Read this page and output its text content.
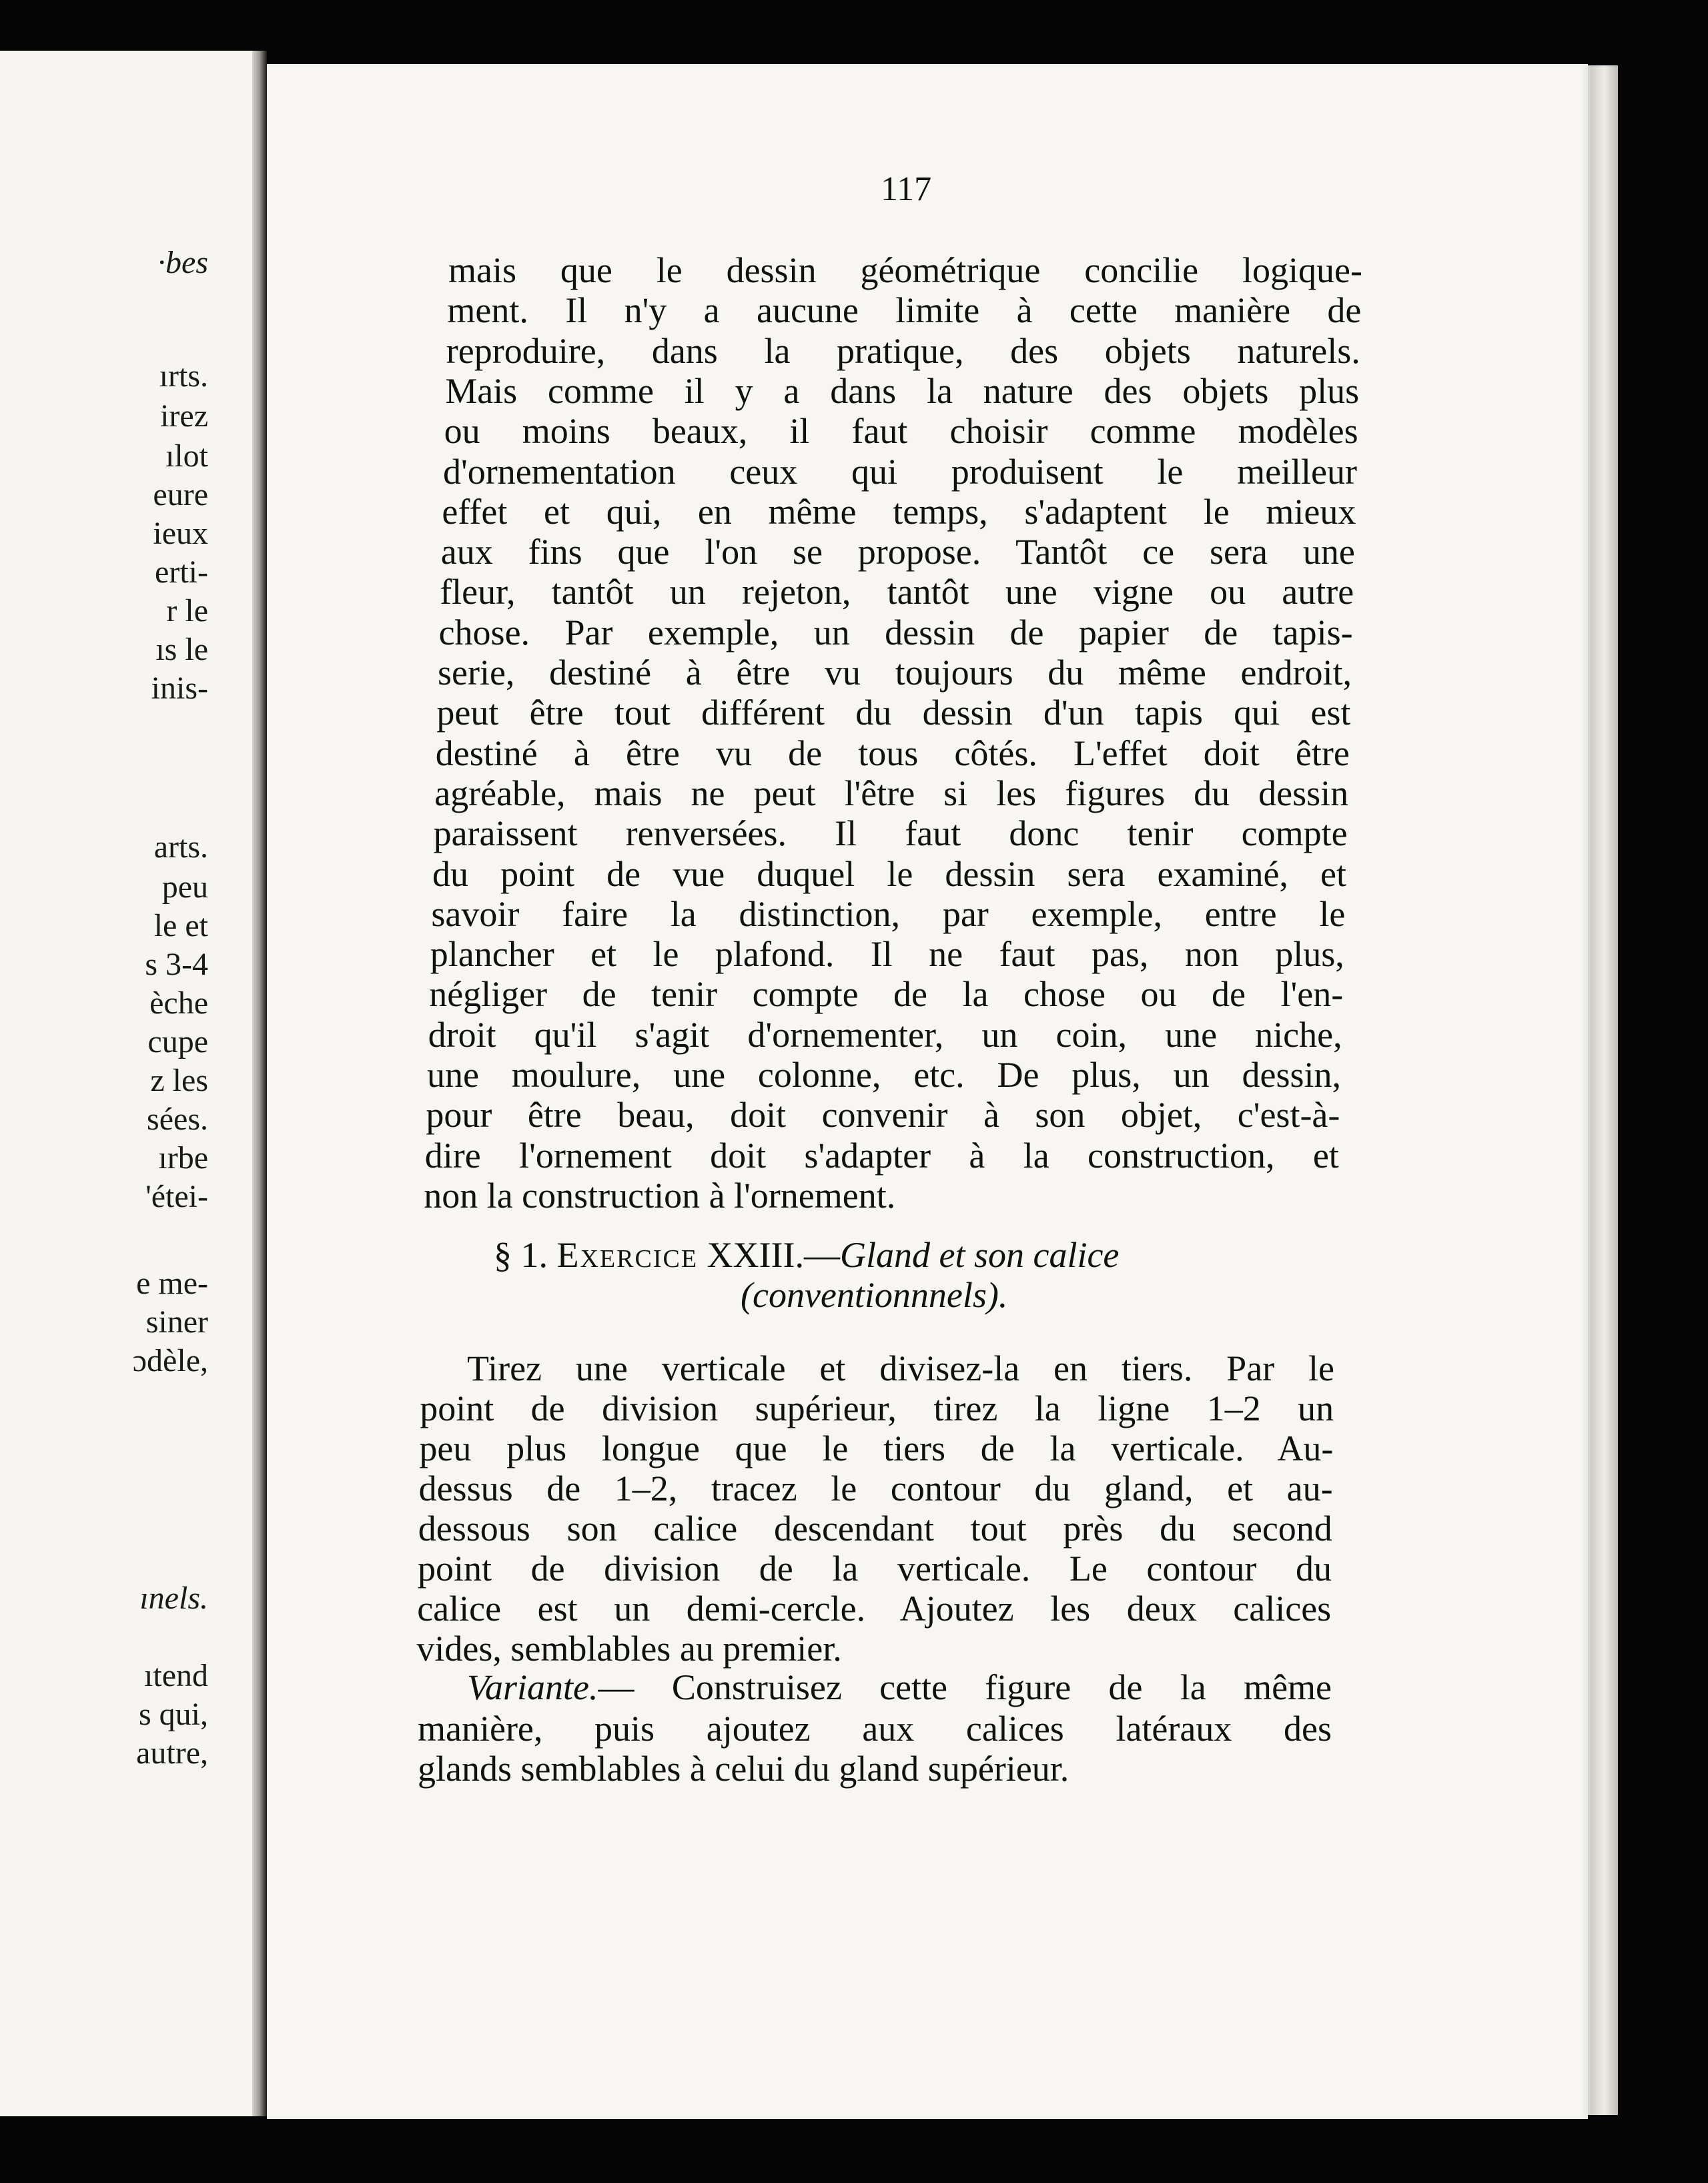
·bes
ırts.
irez
ılot
eure
ieux
erti-
r le
ıs le
inis-
arts.
peu
le et
s 3-4
èche
cupe
z les
sées.
ırbe
'étei-
e me-
siner
ɔdèle,
ınels.
ıtend
s qui,
autre,
117
mais que le dessin géométrique concilie logique-
ment. Il n'y a aucune limite à cette manière de
reproduire, dans la pratique, des objets naturels.
Mais comme il y a dans la nature des objets plus
ou moins beaux, il faut choisir comme modèles
d'ornementation ceux qui produisent le meilleur
effet et qui, en même temps, s'adaptent le mieux
aux fins que l'on se propose. Tantôt ce sera une
fleur, tantôt un rejeton, tantôt une vigne ou autre
chose. Par exemple, un dessin de papier de tapis-
serie, destiné à être vu toujours du même endroit,
peut être tout différent du dessin d'un tapis qui est
destiné à être vu de tous côtés. L'effet doit être
agréable, mais ne peut l'être si les figures du dessin
paraissent renversées. Il faut donc tenir compte
du point de vue duquel le dessin sera examiné, et
savoir faire la distinction, par exemple, entre le
plancher et le plafond. Il ne faut pas, non plus,
négliger de tenir compte de la chose ou de l'en-
droit qu'il s'agit d'ornementer, un coin, une niche,
une moulure, une colonne, etc. De plus, un dessin,
pour être beau, doit convenir à son objet, c'est-à-
dire l'ornement doit s'adapter à la construction, et
non la construction à l'ornement.
§ 1. Exercice XXIII.—Gland et son calice
(conventionnnels).
Tirez une verticale et divisez-la en tiers. Par le
point de division supérieur, tirez la ligne 1–2 un
peu plus longue que le tiers de la verticale. Au-
dessus de 1–2, tracez le contour du gland, et au-
dessous son calice descendant tout près du second
point de division de la verticale. Le contour du
calice est un demi-cercle. Ajoutez les deux calices
vides, semblables au premier.
Variante.— Construisez cette figure de la même
manière, puis ajoutez aux calices latéraux des
glands semblables à celui du gland supérieur.
